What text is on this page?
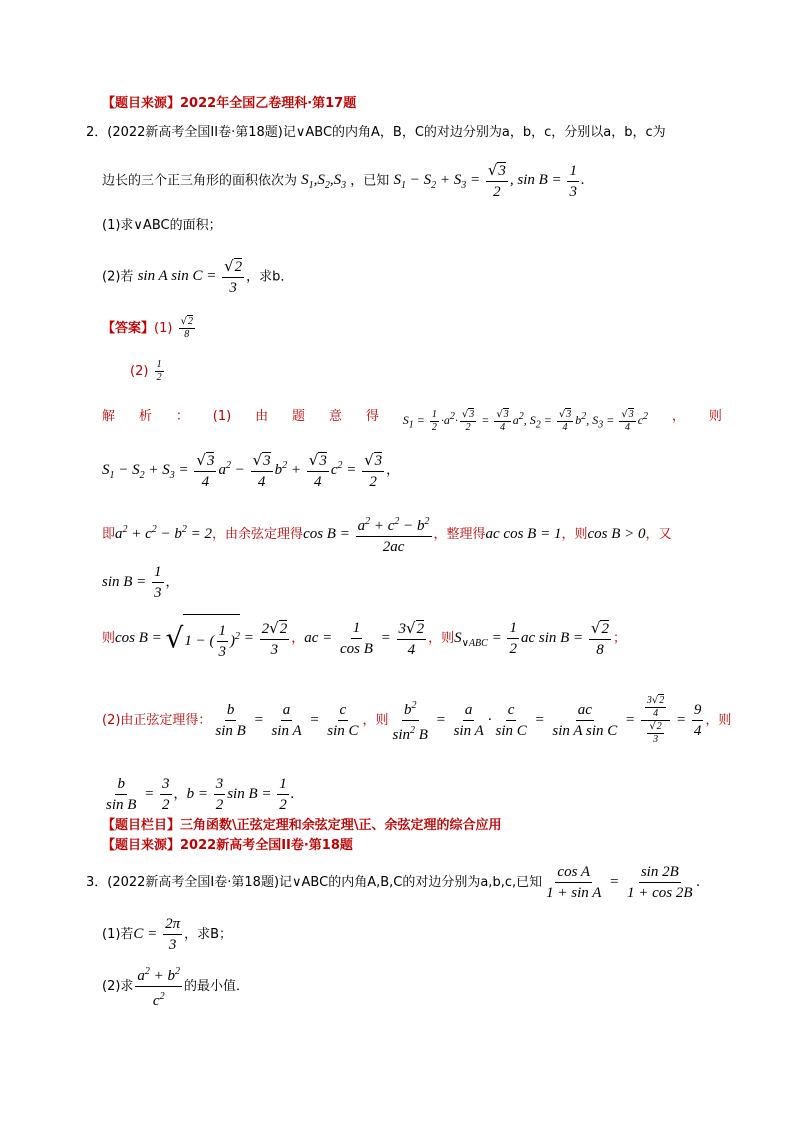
【题目来源】2022年全国乙卷理科·第17题
2．(2022新高考全国II卷·第18题)记∨ABC的内角A，B，C的对边分别为a，b，c，分别以a，b，c为
边长的三个正三角形的面积依次为 $S_1,S_2,S_3$ ，已知 $S_1 - S_2 + S_3 = \frac{√3}{2}$ , $\sin B = \frac{1}{3}$ .
(1)求∨ABC的面积；
(2)若 sin A $\sin C = \frac{√2}{3}$ ，求b．
【答案】$(1) \frac{√2}{8}$
$(2) \frac{1}{2}$
解 析 ： (1) 由 题 意 得 $S_1 = \frac{1}{2} \cdot a^2\cdot \frac{√3}{2} = \frac{√3}{4} a^2$, $S_2 = \frac{√3}{4} b^2$, $S_3 = \frac{√3}{4} c^2$ ， 则
$S_1 - S_2 + S_3 = \frac{√3}{4} a^2 - \frac{√3}{4} b^2 + \frac{√3}{4} c^2 = \frac{√3}{2}$ ，
即$a^2 + c^2 - b^2 = 2$，由余弦定理得$\cos B = \frac{a^2 + c^2 - b^2}{2ac}$ ，整理得ac cos B = 1，则cos B > 0，又
$\sin B = \frac{1}{3}$ ，
则cos B = √1 − ( $\frac{1}{3} )^2 = \frac{2√2}{3}$ ，ac = $\frac{1}{\text{cos B}} = \frac{3√2}{4}$ ，则$S_{\vee ABC} = \frac{1}{2}$ ac $\sin B = \frac{√2}{8}$ ；
(2)由正弦定理得： $\frac{b}{\text{sin B}} = \frac{a}{\text{sin A}} = \frac{c}{\text{sin C}}$ ，则 $\frac{b^2}{\sin^2 B} = \frac{a}{\text{sin A}} \cdot \frac{c}{\text{sin C}} = \frac{ac}{\text{sin A sin C}} = \frac{\frac{3√2}{4}}{\frac{√2}{3}} = \frac{9}{4}$ ，则
$\frac{b}{\text{sin B}} = \frac{3}{2}$ ，$b = \frac{3}{2}$ $\sin B = \frac{1}{2}$ .
【题目栏目】三角函数\正弦定理和余弦定理\正、余弦定理的综合应用
【题目来源】2022新高考全国II卷·第18题
3．(2022新高考全国I卷·第18题)记∨ABC的内角A,B,C的对边分别为a,b,c,已知 $\frac{\text{cos A}}{\text{1 + sin A}} = \frac{\sin 2B}{1 + \cos 2B}$ .
(1)若$C = \frac{2\pi}{3}$ ，求B；
(2)求 $\frac{a^2 + b^2}{c^2}$ 的最小值．
